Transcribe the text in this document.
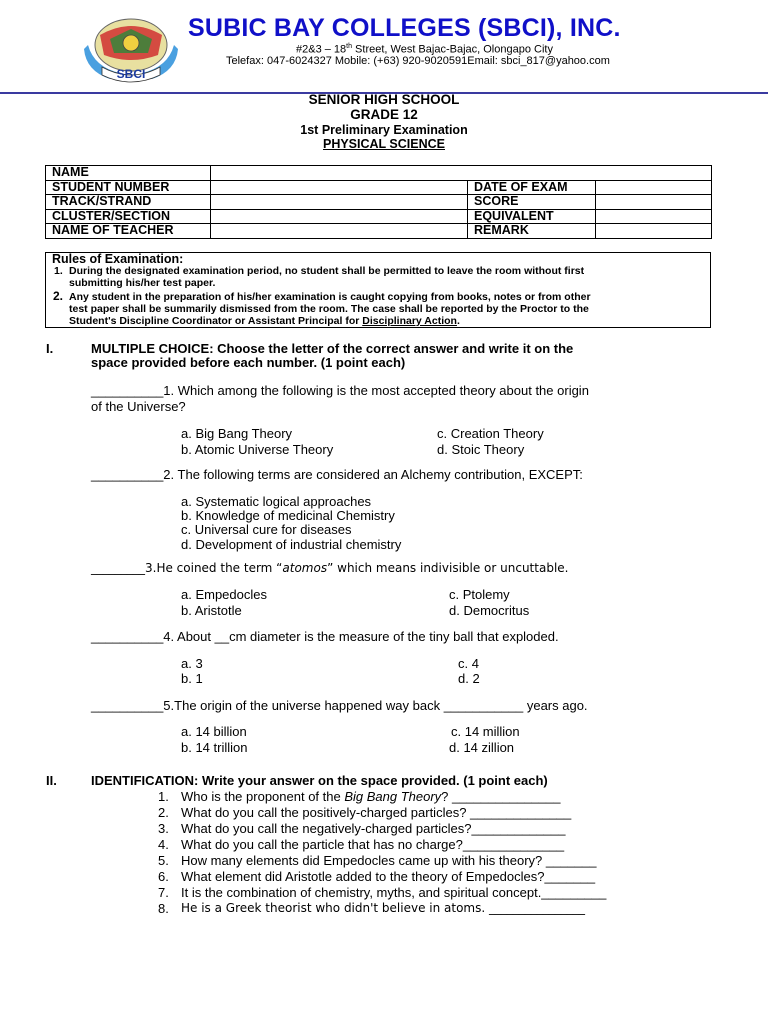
SBCI
SUBIC BAY COLLEGES (SBCI), INC.
#2&3 – 18th Street, West Bajac-Bajac, Olongapo City
Telefax: 047-6024327 Mobile: (+63) 920-9020591Email: sbci_817@yahoo.com
SENIOR HIGH SCHOOL
GRADE 12
1st Preliminary Examination
PHYSICAL SCIENCE
NAME			
STUDENT NUMBER		DATE OF EXAM	
TRACK/STRAND		SCORE	
CLUSTER/SECTION		EQUIVALENT	
NAME OF TEACHER		REMARK	
Rules of Examination:
1. During the designated examination period, no student shall be permitted to leave the room without first
submitting his/her test paper.
2. Any student in the preparation of his/her examination is caught copying from books, notes or from other
test paper shall be summarily dismissed from the room. The case shall be reported by the Proctor to the
Student's Discipline Coordinator or Assistant Principal for Disciplinary Action.
I.	MULTIPLE CHOICE: Choose the letter of the correct answer and write it on the
space provided before each number. (1 point each)
__________1. Which among the following is the most accepted theory about the origin
of the Universe?
a. Big Bang Theory
b. Atomic Universe Theory
c. Creation Theory
d. Stoic Theory
__________2. The following terms are considered an Alchemy contribution, EXCEPT:
a. Systematic logical approaches
b. Knowledge of medicinal Chemistry
c. Universal cure for diseases
d. Development of industrial chemistry
_________3.He coined the term “atomos” which means indivisible or uncuttable.
a. Empedocles
b. Aristotle
c. Ptolemy
d. Democritus
__________4. About __cm diameter is the measure of the tiny ball that exploded.
a. 3
b. 1
c. 4
d. 2
__________5.The origin of the universe happened way back ___________ years ago.
a. 14 billion
b. 14 trillion
c. 14 million
d. 14 zillion
II.	IDENTIFICATION: Write your answer on the space provided. (1 point each)
1. Who is the proponent of the Big Bang Theory? _______________
2. What do you call the positively-charged particles? ______________
3. What do you call the negatively-charged particles?_____________
4. What do you call the particle that has no charge?______________
5. How many elements did Empedocles came up with his theory? _______
6. What element did Aristotle added to the theory of Empedocles?_______
7. It is the combination of chemistry, myths, and spiritual concept._________
8. He is a Greek theorist who didn't believe in atoms. ________________
